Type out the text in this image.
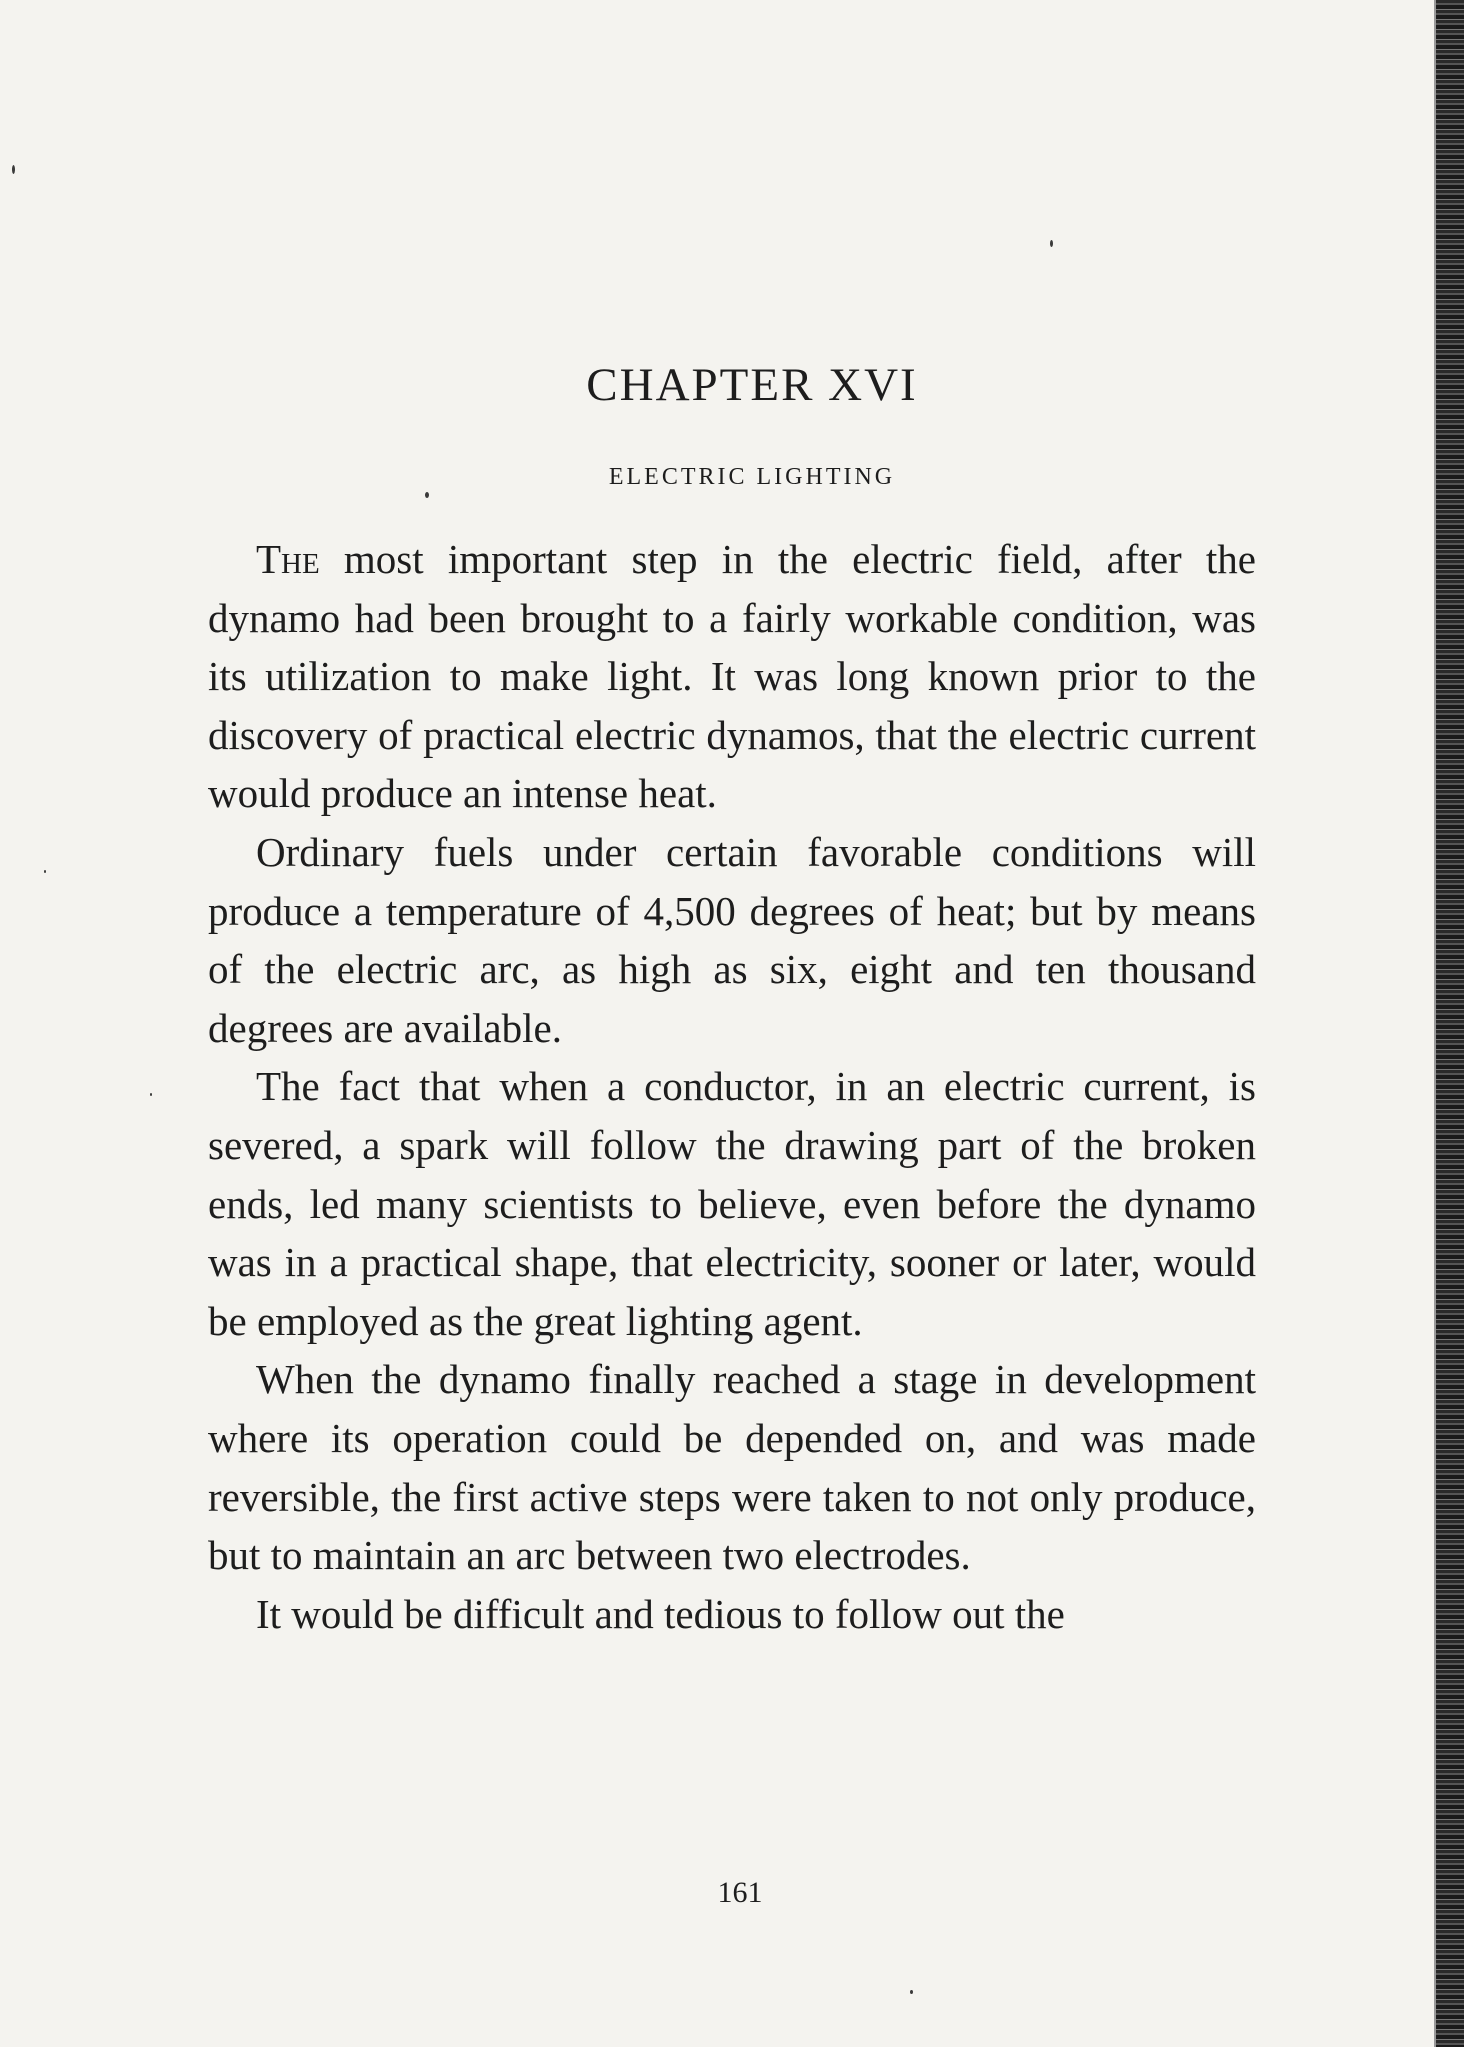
CHAPTER XVI
ELECTRIC LIGHTING

The most important step in the electric field, after the dynamo had been brought to a fairly workable condition, was its utilization to make light. It was long known prior to the discovery of practical electric dynamos, that the electric current would produce an intense heat.

Ordinary fuels under certain favorable conditions will produce a temperature of 4,500 degrees of heat; but by means of the electric arc, as high as six, eight and ten thousand degrees are available.

The fact that when a conductor, in an electric current, is severed, a spark will follow the drawing part of the broken ends, led many scientists to believe, even before the dynamo was in a practical shape, that electricity, sooner or later, would be employed as the great lighting agent.

When the dynamo finally reached a stage in development where its operation could be depended on, and was made reversible, the first active steps were taken to not only produce, but to maintain an arc between two electrodes.

It would be difficult and tedious to follow out the

161
